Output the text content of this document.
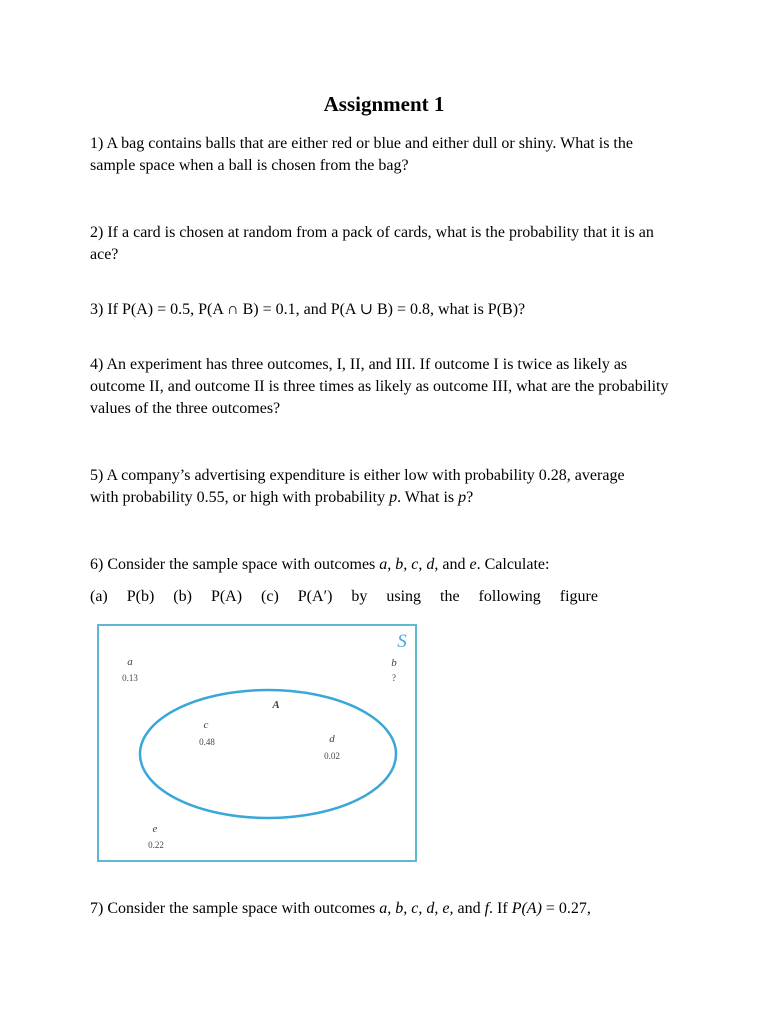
Assignment 1
1) A bag contains balls that are either red or blue and either dull or shiny. What is the sample space when a ball is chosen from the bag?
2) If a card is chosen at random from a pack of cards, what is the probability that it is an ace?
3) If P(A) = 0.5, P(A ∩ B) = 0.1, and P(A ∪ B) = 0.8, what is P(B)?
4) An experiment has three outcomes, I, II, and III. If outcome I is twice as likely as outcome II, and outcome II is three times as likely as outcome III, what are the probability values of the three outcomes?
5) A company’s advertising expenditure is either low with probability 0.28, average with probability 0.55, or high with probability p. What is p?
6) Consider the sample space with outcomes a, b, c, d, and e. Calculate:
(a) P(b) (b) P(A) (c) P(A′) by using the following figure
S
A
a
0.13
b
?
c
0.48	d
0.02
e
0.22
7) Consider the sample space with outcomes a, b, c, d, e, and f. If P(A) = 0.27,
